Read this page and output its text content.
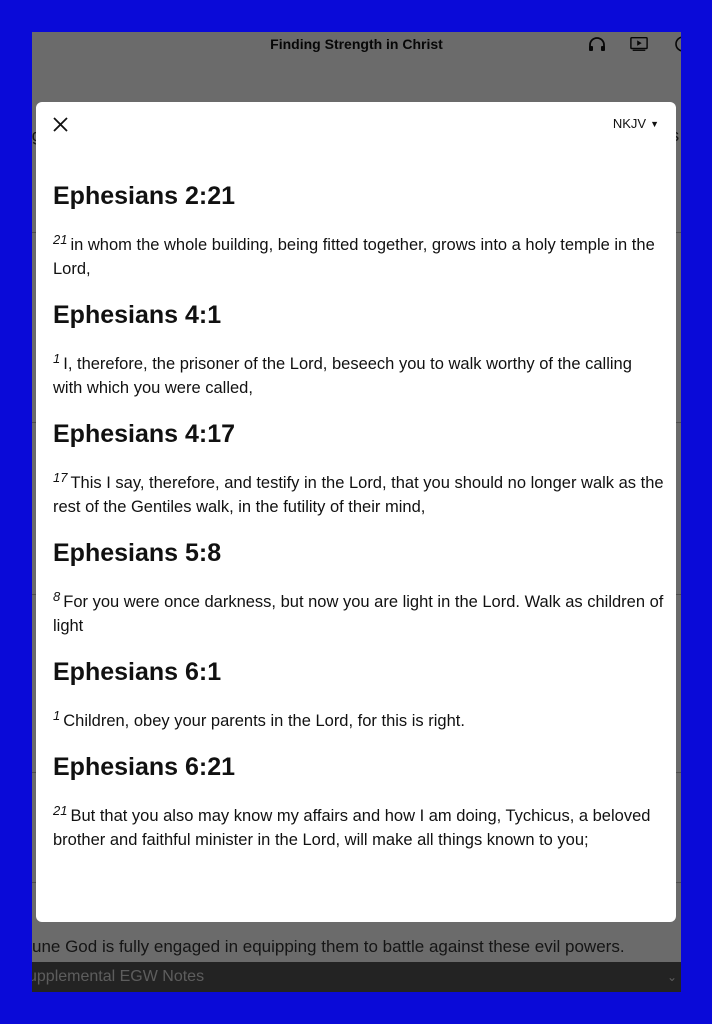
NKJV ▼
Ephesians 2:21
$^{21}$ in whom the whole building, being fitted together, grows into a holy temple in the Lord,
Ephesians 4:1
$^1$ I, therefore, the prisoner of the Lord, beseech you to walk worthy of the calling with which you were called,
Ephesians 4:17
$^{17}$ This I say, therefore, and testify in the Lord, that you should no longer walk as the rest of the Gentiles walk, in the futility of their mind,
Ephesians 5:8
$^8$ For you were once darkness, but now you are light in the Lord. Walk as children of light
Ephesians 6:1
$^1$ Children, obey your parents in the Lord, for this is right.
Ephesians 6:21
$^{21}$ But that you also may know my affairs and how I am doing, Tychicus, a beloved brother and faithful minister in the Lord, will make all things known to you;
